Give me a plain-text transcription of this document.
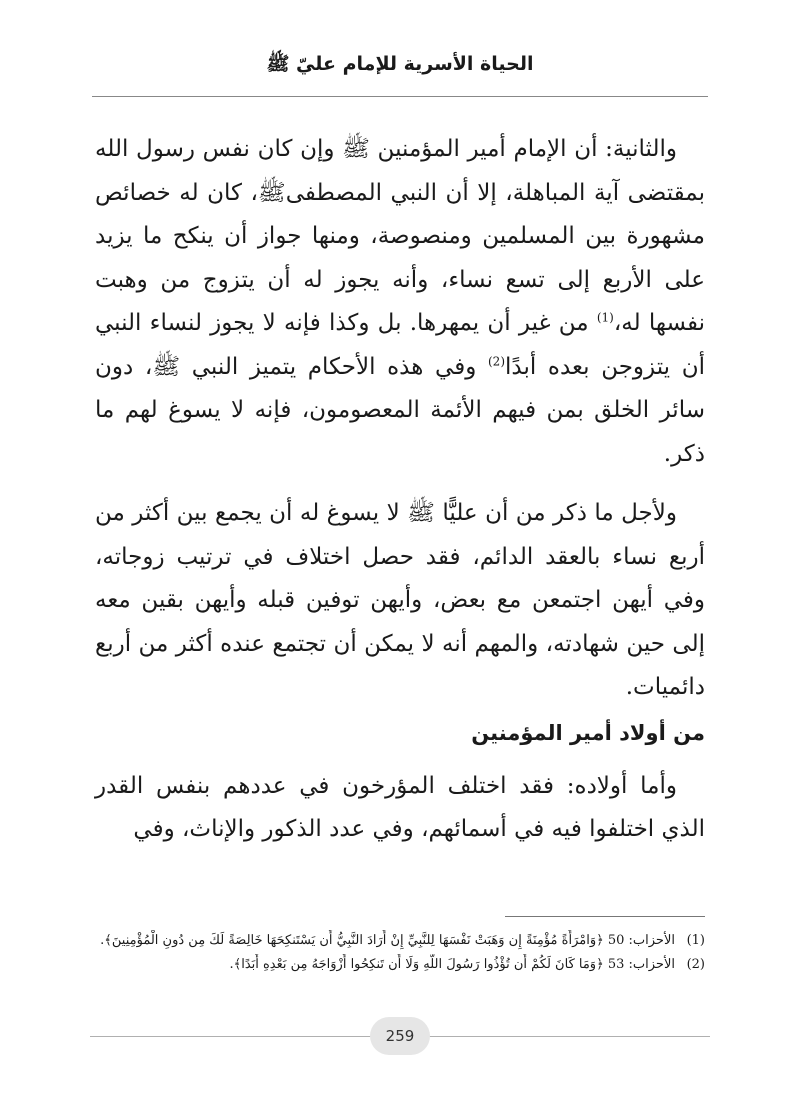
الحياة الأسرية للإمام عليّ ﷺ

والثانية: أن الإمام أمير المؤمنين ﷺ وإن كان نفس رسول الله بمقتضى آية المباهلة، إلا أن النبي المصطفىﷺ، كان له خصائص مشهورة بين المسلمين ومنصوصة، ومنها جواز أن ينكح ما يزيد على الأربع إلى تسع نساء، وأنه يجوز له أن يتزوج من وهبت نفسها له،$^{(1)}$ من غير أن يمهرها. بل وكذا فإنه لا يجوز لنساء النبي أن يتزوجن بعده أبدًا$^{(2)}$ وفي هذه الأحكام يتميز النبي ﷺ، دون سائر الخلق بمن فيهم الأئمة المعصومون، فإنه لا يسوغ لهم ما ذكر.

ولأجل ما ذكر من أن عليًّا ﷺ لا يسوغ له أن يجمع بين أكثر من أربع نساء بالعقد الدائم، فقد حصل اختلاف في ترتيب زوجاته، وفي أيهن اجتمعن مع بعض، وأيهن توفين قبله وأيهن بقين معه إلى حين شهادته، والمهم أنه لا يمكن أن تجتمع عنده أكثر من أربع دائميات.

من أولاد أمير المؤمنين

وأما أولاده: فقد اختلف المؤرخون في عددهم بنفس القدر الذي اختلفوا فيه في أسمائهم، وفي عدد الذكور والإناث، وفي

(1)الأحزاب: 50 ﴿وَامْرَأَةً مُؤْمِنَةً إِن وَهَبَتْ نَفْسَهَا لِلنَّبِيِّ إِنْ أَرَادَ النَّبِيُّ أَن يَسْتَنكِحَهَا خَالِصَةً لَكَ مِن دُونِ الْمُؤْمِنِينَ﴾.
(2)الأحزاب: 53 ﴿وَمَا كَانَ لَكُمْ أَن تُؤْذُوا رَسُولَ اللَّهِ وَلَا أَن تَنكِحُوا أَزْوَاجَهُ مِن بَعْدِهِ أَبَدًا﴾.
259
